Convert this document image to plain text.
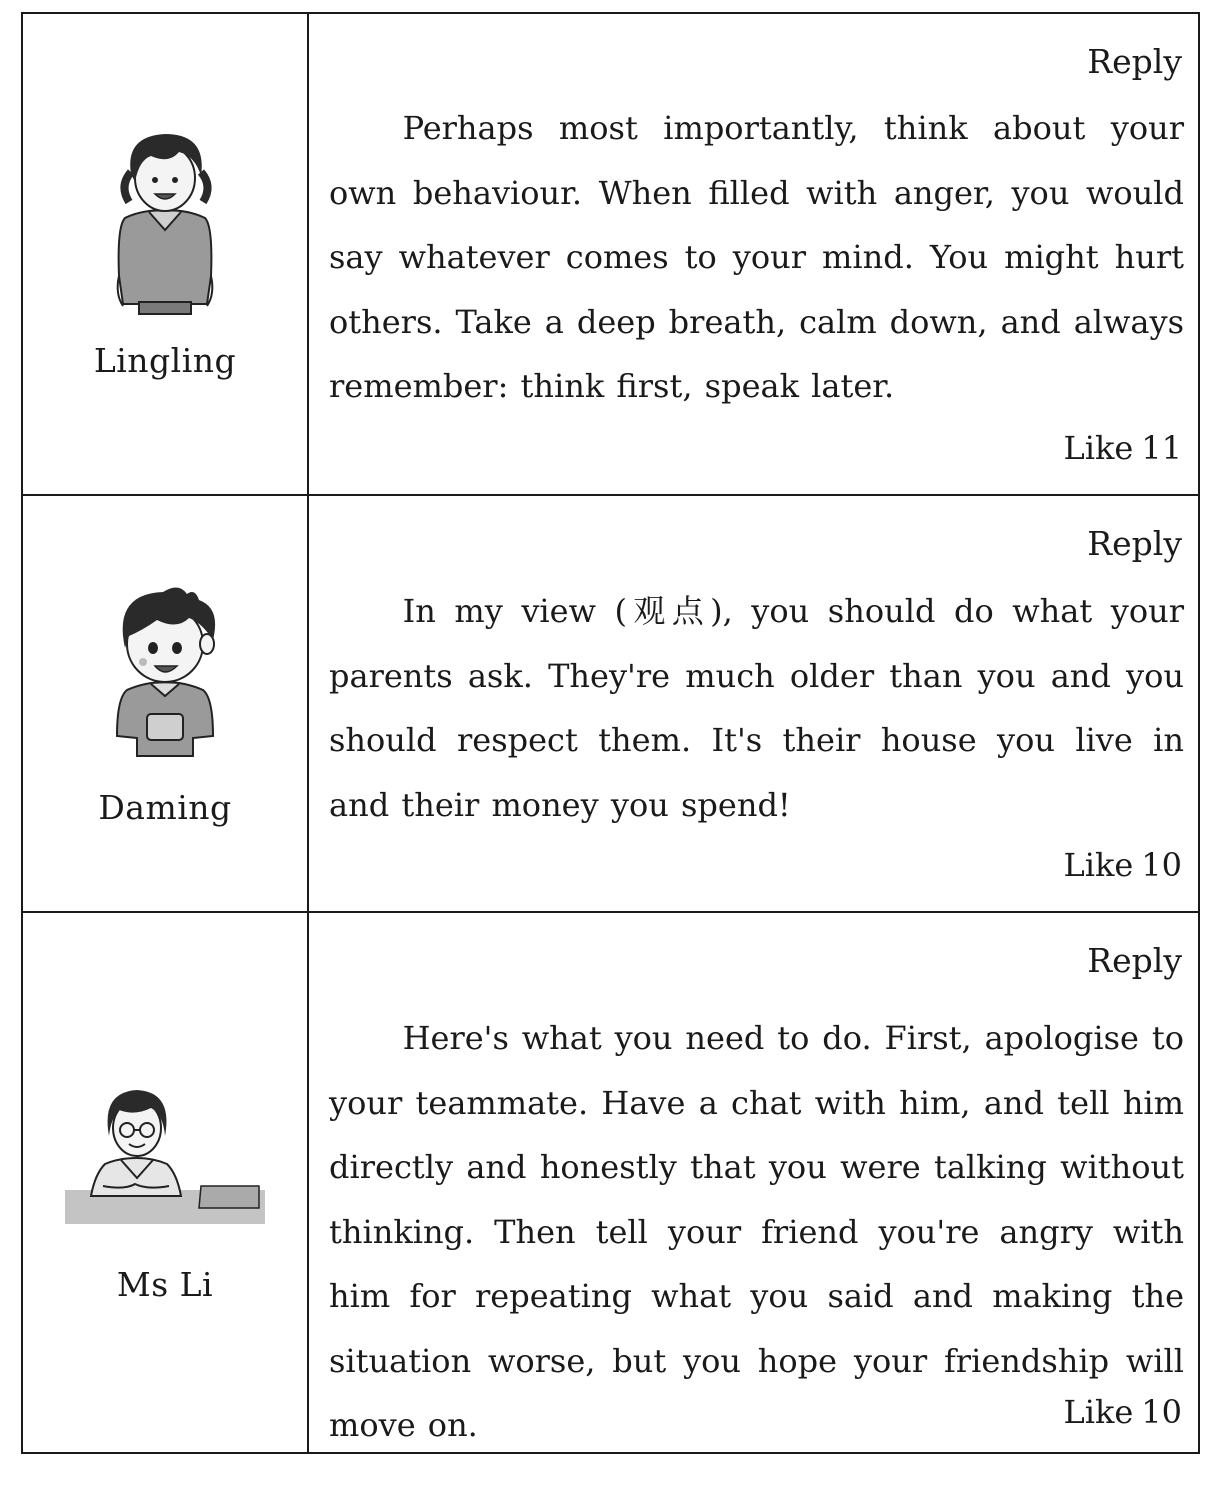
Lingling
Reply

Perhaps most importantly, think about your own behaviour. When filled with anger, you would say whatever comes to your mind. You might hurt others. Take a deep breath, calm down, and always remember: think first, speak later.

Like 11
Daming
Reply

In my view (观点), you should do what your parents ask. They're much older than you and you should respect them. It's their house you live in and their money you spend!

Like 10
Ms Li
Reply

Here's what you need to do. First, apologise to your teammate. Have a chat with him, and tell him directly and honestly that you were talking without thinking. Then tell your friend you're angry with him for repeating what you said and making the situation worse, but you hope your friendship will move on.	Like 10
